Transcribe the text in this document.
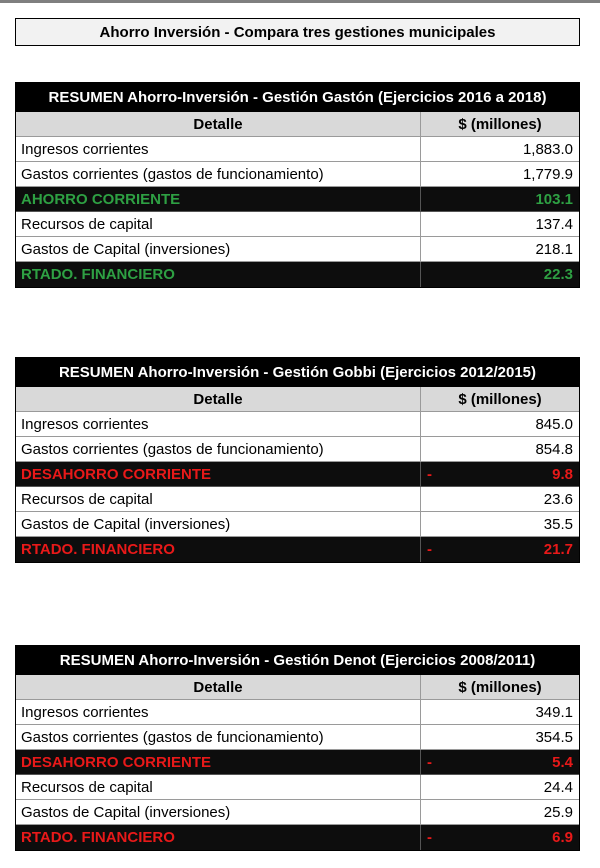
Ahorro Inversión - Compara tres gestiones municipales
RESUMEN Ahorro-Inversión - Gestión Gastón (Ejercicios 2016 a 2018)
Detalle	$ (millones)
Ingresos corrientes	1,883.0
Gastos corrientes (gastos de funcionamiento)	1,779.9
AHORRO CORRIENTE	103.1
Recursos de capital	137.4
Gastos de Capital (inversiones)	218.1
RTADO. FINANCIERO	22.3
RESUMEN Ahorro-Inversión - Gestión Gobbi (Ejercicios 2012/2015)
Detalle	$ (millones)
Ingresos corrientes	845.0
Gastos corrientes (gastos de funcionamiento)	854.8
DESAHORRO CORRIENTE	-	9.8
Recursos de capital	23.6
Gastos de Capital (inversiones)	35.5
RTADO. FINANCIERO	-	21.7
RESUMEN Ahorro-Inversión - Gestión Denot (Ejercicios 2008/2011)
Detalle	$ (millones)
Ingresos corrientes	349.1
Gastos corrientes (gastos de funcionamiento)	354.5
DESAHORRO CORRIENTE	-	5.4
Recursos de capital	24.4
Gastos de Capital (inversiones)	25.9
RTADO. FINANCIERO	-	6.9
